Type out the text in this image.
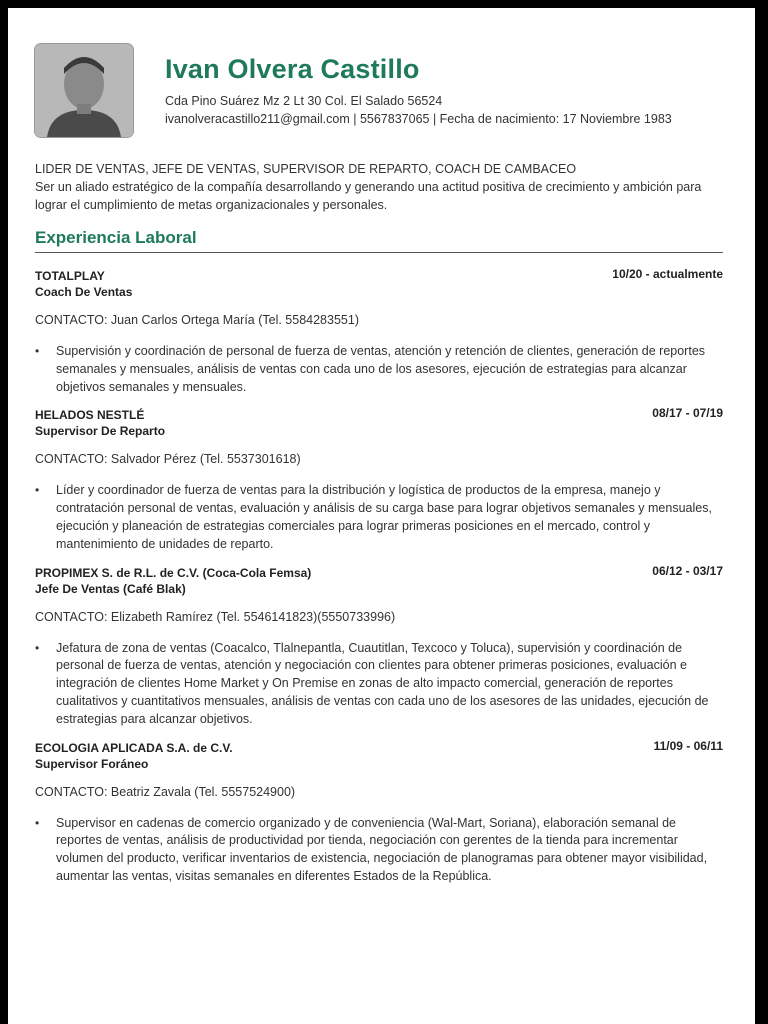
Ivan Olvera Castillo
Cda Pino Suárez Mz 2 Lt 30 Col. El Salado 56524
ivanolveracastillo211@gmail.com | 5567837065 | Fecha de nacimiento: 17 Noviembre 1983
LIDER DE VENTAS, JEFE DE VENTAS, SUPERVISOR DE REPARTO, COACH DE CAMBACEO
Ser un aliado estratégico de la compañía desarrollando y generando una actitud positiva de crecimiento y ambición para lograr el cumplimiento de metas organizacionales y personales.
Experiencia Laboral
TOTALPLAY	10/20 - actualmente
Coach De Ventas
CONTACTO: Juan Carlos Ortega María (Tel. 5584283551)
• Supervisión y coordinación de personal de fuerza de ventas, atención y retención de clientes, generación de reportes semanales y mensuales, análisis de ventas con cada uno de los asesores, ejecución de estrategias para alcanzar objetivos semanales y mensuales.
HELADOS NESTLÉ	08/17 - 07/19
Supervisor De Reparto
CONTACTO: Salvador Pérez (Tel. 5537301618)
• Líder y coordinador de fuerza de ventas para la distribución y logística de productos de la empresa, manejo y contratación personal de ventas, evaluación y análisis de su carga base para lograr objetivos semanales y mensuales, ejecución y planeación de estrategias comerciales para lograr primeras posiciones en el mercado, control y mantenimiento de unidades de reparto.
PROPIMEX S. de R.L. de C.V. (Coca-Cola Femsa)	06/12 - 03/17
Jefe De Ventas (Café Blak)
CONTACTO: Elizabeth Ramírez (Tel. 5546141823)(5550733996)
• Jefatura de zona de ventas (Coacalco, Tlalnepantla, Cuautitlan, Texcoco y Toluca), supervisión y coordinación de personal de fuerza de ventas, atención y negociación con clientes para obtener primeras posiciones, evaluación e integración de clientes Home Market y On Premise en zonas de alto impacto comercial, generación de reportes cualitativos y cuantitativos mensuales, análisis de ventas con cada uno de los asesores de las unidades, ejecución de estrategias para alcanzar objetivos.
ECOLOGIA APLICADA S.A. de C.V.	11/09 - 06/11
Supervisor Foráneo
CONTACTO: Beatriz Zavala (Tel. 5557524900)
• Supervisor en cadenas de comercio organizado y de conveniencia (Wal-Mart, Soriana), elaboración semanal de reportes de ventas, análisis de productividad por tienda, negociación con gerentes de la tienda para incrementar volumen del producto, verificar inventarios de existencia, negociación de planogramas para obtener mayor visibilidad, aumentar las ventas, visitas semanales en diferentes Estados de la República.
